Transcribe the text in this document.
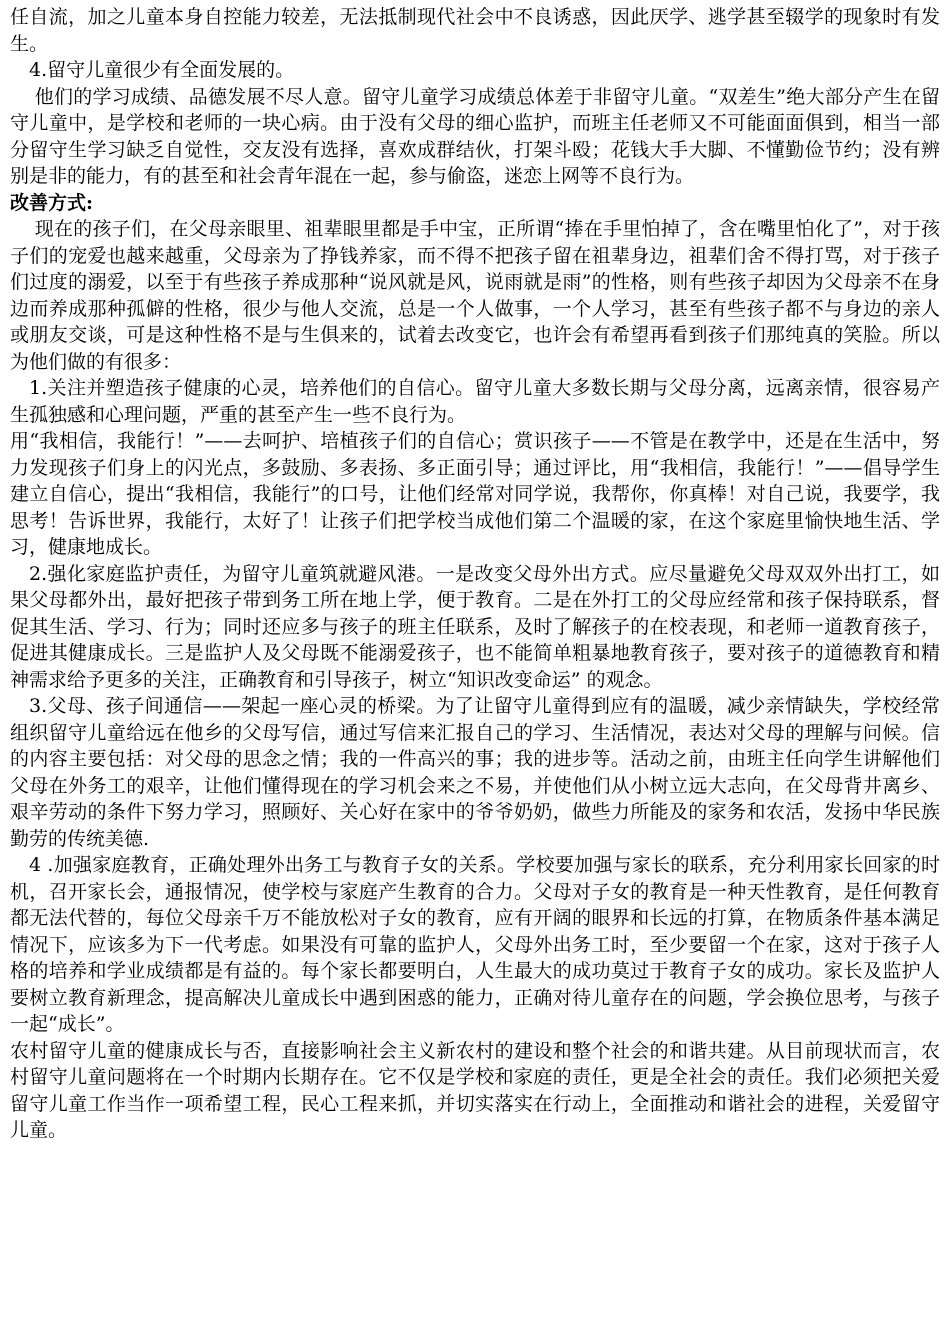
任自流，加之儿童本身自控能力较差，无法抵制现代社会中不良诱惑，因此厌学、逃学甚至辍学的现象时有发生。

4.留守儿童很少有全面发展的。

他们的学习成绩、品德发展不尽人意。留守儿童学习成绩总体差于非留守儿童。“双差生”绝大部分产生在留守儿童中，是学校和老师的一块心病。由于没有父母的细心监护，而班主任老师又不可能面面俱到，相当一部分留守生学习缺乏自觉性，交友没有选择，喜欢成群结伙，打架斗殴；花钱大手大脚、不懂勤俭节约；没有辨别是非的能力，有的甚至和社会青年混在一起，参与偷盗，迷恋上网等不良行为。

改善方式:

现在的孩子们，在父母亲眼里、祖辈眼里都是手中宝，正所谓“捧在手里怕掉了，含在嘴里怕化了”，对于孩子们的宠爱也越来越重，父母亲为了挣钱养家，而不得不把孩子留在祖辈身边，祖辈们舍不得打骂，对于孩子们过度的溺爱，以至于有些孩子养成那种“说风就是风，说雨就是雨”的性格，则有些孩子却因为父母亲不在身边而养成那种孤僻的性格，很少与他人交流，总是一个人做事，一个人学习，甚至有些孩子都不与身边的亲人或朋友交谈，可是这种性格不是与生俱来的，试着去改变它，也许会有希望再看到孩子们那纯真的笑脸。所以为他们做的有很多：

1.关注并塑造孩子健康的心灵，培养他们的自信心。留守儿童大多数长期与父母分离，远离亲情，很容易产生孤独感和心理问题，严重的甚至产生一些不良行为。

用“我相信，我能行！”——去呵护、培植孩子们的自信心；赏识孩子——不管是在教学中，还是在生活中，努力发现孩子们身上的闪光点，多鼓励、多表扬、多正面引导；通过评比，用“我相信，我能行！”——倡导学生建立自信心，提出“我相信，我能行”的口号，让他们经常对同学说，我帮你，你真棒！对自己说，我要学，我思考！告诉世界，我能行，太好了！让孩子们把学校当成他们第二个温暖的家，在这个家庭里愉快地生活、学习，健康地成长。

2.强化家庭监护责任，为留守儿童筑就避风港。一是改变父母外出方式。应尽量避免父母双双外出打工，如果父母都外出，最好把孩子带到务工所在地上学，便于教育。二是在外打工的父母应经常和孩子保持联系，督促其生活、学习、行为；同时还应多与孩子的班主任联系，及时了解孩子的在校表现，和老师一道教育孩子，促进其健康成长。三是监护人及父母既不能溺爱孩子，也不能简单粗暴地教育孩子，要对孩子的道德教育和精神需求给予更多的关注，正确教育和引导孩子，树立“知识改变命运” 的观念。

3.父母、孩子间通信——架起一座心灵的桥梁。为了让留守儿童得到应有的温暖，减少亲情缺失，学校经常组织留守儿童给远在他乡的父母写信，通过写信来汇报自己的学习、生活情况，表达对父母的理解与问候。信的内容主要包括：对父母的思念之情；我的一件高兴的事；我的进步等。活动之前，由班主任向学生讲解他们父母在外务工的艰辛，让他们懂得现在的学习机会来之不易，并使他们从小树立远大志向，在父母背井离乡、艰辛劳动的条件下努力学习，照顾好、关心好在家中的爷爷奶奶，做些力所能及的家务和农活，发扬中华民族勤劳的传统美德.

4 .加强家庭教育，正确处理外出务工与教育子女的关系。学校要加强与家长的联系，充分利用家长回家的时机，召开家长会，通报情况，使学校与家庭产生教育的合力。父母对子女的教育是一种天性教育，是任何教育都无法代替的，每位父母亲千万不能放松对子女的教育，应有开阔的眼界和长远的打算，在物质条件基本满足情况下，应该多为下一代考虑。如果没有可靠的监护人，父母外出务工时，至少要留一个在家，这对于孩子人格的培养和学业成绩都是有益的。每个家长都要明白，人生最大的成功莫过于教育子女的成功。家长及监护人要树立教育新理念，提高解决儿童成长中遇到困惑的能力，正确对待儿童存在的问题，学会换位思考，与孩子一起“成长”。

农村留守儿童的健康成长与否，直接影响社会主义新农村的建设和整个社会的和谐共建。从目前现状而言，农村留守儿童问题将在一个时期内长期存在。它不仅是学校和家庭的责任，更是全社会的责任。我们必须把关爱留守儿童工作当作一项希望工程，民心工程来抓，并切实落实在行动上，全面推动和谐社会的进程，关爱留守儿童。
